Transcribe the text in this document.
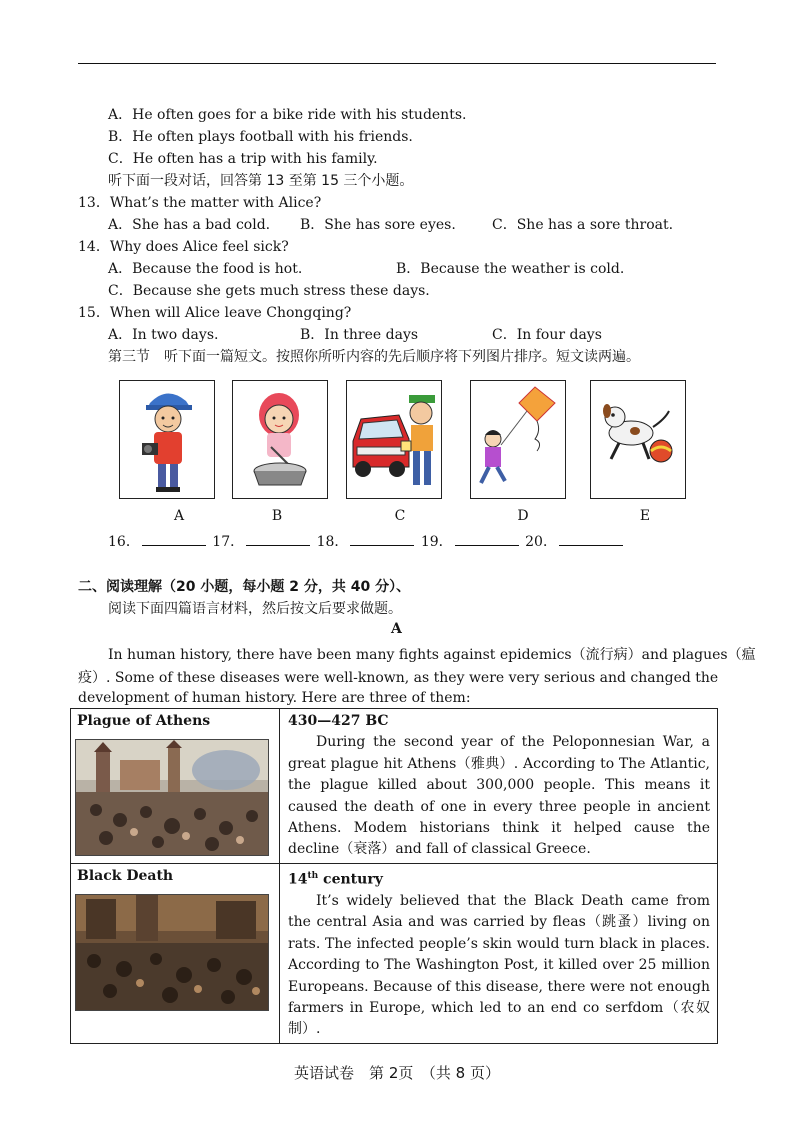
A．He often goes for a bike ride with his students.
B．He often plays football with his friends.
C．He often has a trip with his family.
听下面一段对话，回答第 13 至第 15 三个小题。
13．What’s the matter with Alice?
A．She has a bad cold. B．She has sore eyes.	C．She has a sore throat.
14．Why does Alice feel sick?
A．Because the food is hot.	B．Because the weather is cold.
C．Because she gets much stress these days.
15．When will Alice leave Chongqing?
A．In two days.	B．In three days	C．In four days
第三节　听下面一篇短文。按照你所听内容的先后顺序将下列图片排序。短文读两遍。
A	B	C	D	E
16．	17．	18．	19．	20．
二、阅读理解（20 小题，每小题 2 分，共 40 分）、
阅读下面四篇语言材料，然后按文后要求做题。
A
In human history, there have been many fights against epidemics（流行病）and plagues（瘟
疫）. Some of these diseases were well-known, as they were very serious and changed the
development of human history. Here are three of them:
Plague of Athens	430—427 BC
During the second year of the Peloponnesian War, a great plague hit Athens（雅典）. According to The Atlantic, the plague killed about 300,000 people. This means it caused the death of one in every three people in ancient Athens. Modem historians think it helped cause the decline（衰落）and fall of classical Greece.

Black Death	14th century
It’s widely believed that the Black Death came from the central Asia and was carried by fleas（跳蚤）living on rats. The infected people’s skin would turn black in places. According to The Washington Post, it killed over 25 million Europeans. Because of this disease, there were not enough farmers in Europe, which led to an end co serfdom（农奴制）.
英语试卷　第 2页　（共 8 页）
